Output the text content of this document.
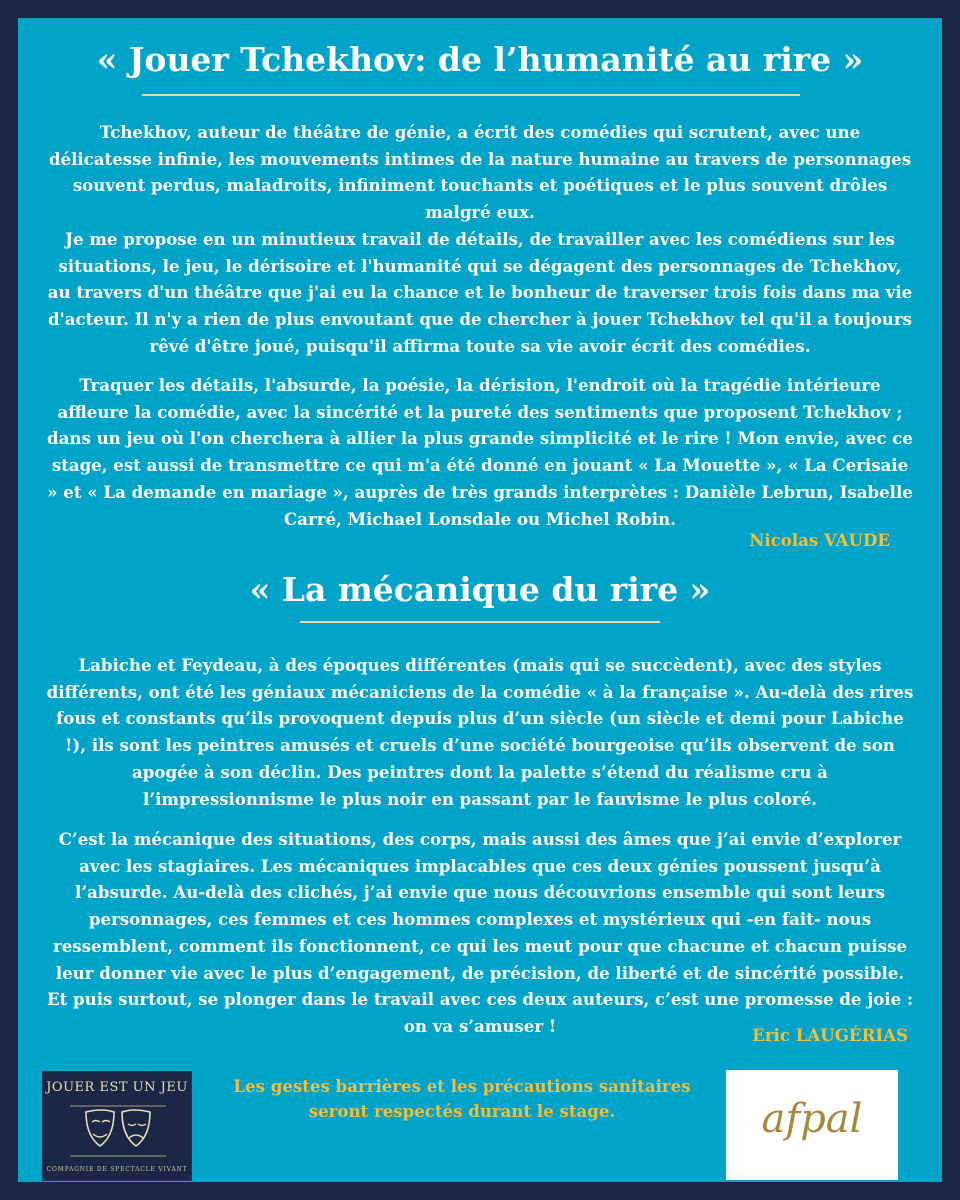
« Jouer Tchekhov: de l’humanité au rire »

Tchekhov, auteur de théâtre de génie, a écrit des comédies qui scrutent, avec une délicatesse infinie, les mouvements intimes de la nature humaine au travers de personnages souvent perdus, maladroits, infiniment touchants et poétiques et le plus souvent drôles malgré eux.

Je me propose en un minutieux travail de détails, de travailler avec les comédiens sur les situations, le jeu, le dérisoire et l'humanité qui se dégagent des personnages de Tchekhov, au travers d'un théâtre que j'ai eu la chance et le bonheur de traverser trois fois dans ma vie d'acteur. Il n'y a rien de plus envoutant que de chercher à jouer Tchekhov tel qu'il a toujours rêvé d'être joué, puisqu'il affirma toute sa vie avoir écrit des comédies.

Traquer les détails, l'absurde, la poésie, la dérision, l'endroit où la tragédie intérieure affleure la comédie, avec la sincérité et la pureté des sentiments que proposent Tchekhov ; dans un jeu où l'on cherchera à allier la plus grande simplicité et le rire ! Mon envie, avec ce stage, est aussi de transmettre ce qui m'a été donné en jouant « La Mouette », « La Cerisaie » et « La demande en mariage », auprès de très grands interprètes : Danièle Lebrun, Isabelle Carré, Michael Lonsdale ou Michel Robin.

Nicolas VAUDE

« La mécanique du rire »

Labiche et Feydeau, à des époques différentes (mais qui se succèdent), avec des styles différents, ont été les géniaux mécaniciens de la comédie « à la française ». Au-delà des rires fous et constants qu’ils provoquent depuis plus d’un siècle (un siècle et demi pour Labiche !), ils sont les peintres amusés et cruels d’une société bourgeoise qu’ils observent de son apogée à son déclin. Des peintres dont la palette s’étend du réalisme cru à l’impressionnisme le plus noir en passant par le fauvisme le plus coloré.

C’est la mécanique des situations, des corps, mais aussi des âmes que j’ai envie d’explorer avec les stagiaires. Les mécaniques implacables que ces deux génies poussent jusqu’à l’absurde. Au-delà des clichés, j’ai envie que nous découvrions ensemble qui sont leurs personnages, ces femmes et ces hommes complexes et mystérieux qui -en fait- nous ressemblent, comment ils fonctionnent, ce qui les meut pour que chacune et chacun puisse leur donner vie avec le plus d’engagement, de précision, de liberté et de sincérité possible. Et puis surtout, se plonger dans le travail avec ces deux auteurs, c’est une promesse de joie : on va s’amuser !	Eric LAUGÉRIAS

JOUER EST UN JEU
COMPAGNIE DE SPECTACLE VIVANT

Les gestes barrières et les précautions sanitaires seront respectés durant le stage.	afpal
